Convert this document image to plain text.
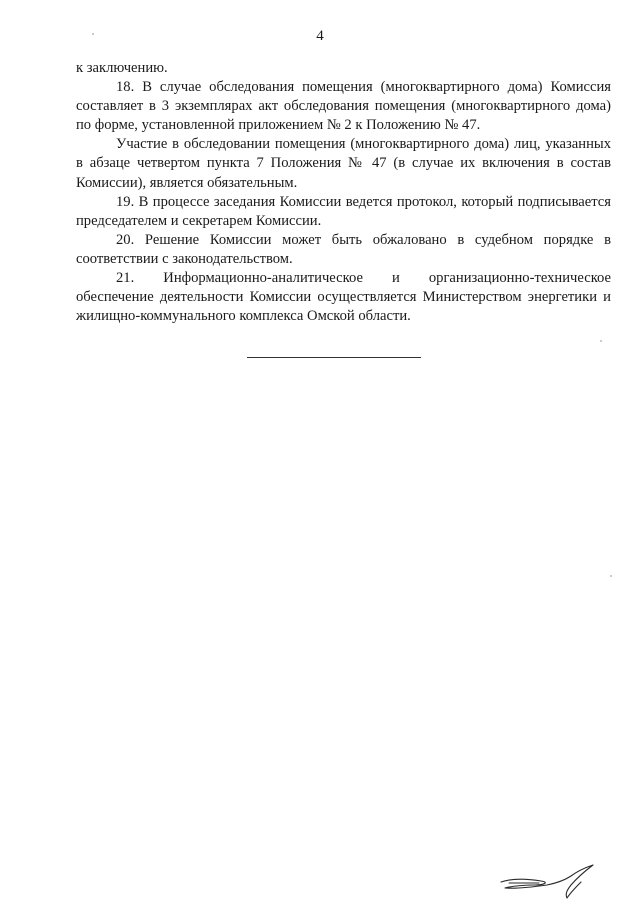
4

к заключению.

18. В случае обследования помещения (многоквартирного дома) Комиссия составляет в 3 экземплярах акт обследования помещения (многоквартирного дома) по форме, установленной приложением № 2 к Положению № 47.

Участие в обследовании помещения (многоквартирного дома) лиц, указанных в абзаце четвертом пункта 7 Положения № 47 (в случае их включения в состав Комиссии), является обязательным.

19. В процессе заседания Комиссии ведется протокол, который подписывается председателем и секретарем Комиссии.

20. Решение Комиссии может быть обжаловано в судебном порядке в соответствии с законодательством.

21. Информационно-аналитическое и организационно-техническое обеспечение деятельности Комиссии осуществляется Министерством энергетики и жилищно-коммунального комплекса Омской области.
